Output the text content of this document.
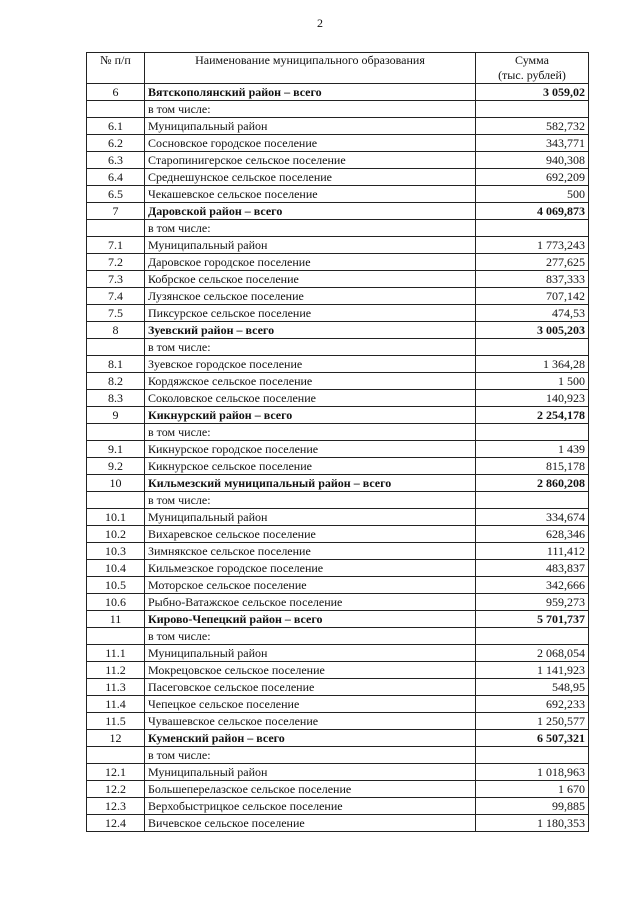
2
№ п/п	Наименование муниципального образования	Сумма
(тыс. рублей)

6	Вятскополянский район – всего	3 059,02
	в том числе:	
6.1	Муниципальный район	582,732
6.2	Сосновское городское поселение	343,771
6.3	Старопинигерское сельское поселение	940,308
6.4	Среднешунское сельское поселение	692,209
6.5	Чекашевское сельское поселение	500
7	Даровской район – всего	4 069,873
	в том числе:	
7.1	Муниципальный район	1 773,243
7.2	Даровское городское поселение	277,625
7.3	Кобрское сельское поселение	837,333
7.4	Лузянское сельское поселение	707,142
7.5	Пиксурское сельское поселение	474,53
8	Зуевский район – всего	3 005,203
	в том числе:	
8.1	Зуевское городское поселение	1 364,28
8.2	Кордяжское сельское поселение	1 500
8.3	Соколовское сельское поселение	140,923
9	Кикнурский район – всего	2 254,178
	в том числе:	
9.1	Кикнурское городское поселение	1 439
9.2	Кикнурское сельское поселение	815,178
10	Кильмезский муниципальный район – всего	2 860,208
	в том числе:	
10.1	Муниципальный район	334,674
10.2	Вихаревское сельское поселение	628,346
10.3	Зимнякское сельское поселение	111,412
10.4	Кильмезское городское поселение	483,837
10.5	Моторское сельское поселение	342,666
10.6	Рыбно-Ватажское сельское поселение	959,273
11	Кирово-Чепецкий район – всего	5 701,737
	в том числе:	
11.1	Муниципальный район	2 068,054
11.2	Мокрецовское сельское поселение	1 141,923
11.3	Пасеговское сельское поселение	548,95
11.4	Чепецкое сельское поселение	692,233
11.5	Чувашевское сельское поселение	1 250,577
12	Куменский район – всего	6 507,321
	в том числе:	
12.1	Муниципальный район	1 018,963
12.2	Большеперелазское сельское поселение	1 670
12.3	Верхобыстрицкое сельское поселение	99,885
12.4	Вичевское сельское поселение	1 180,353
